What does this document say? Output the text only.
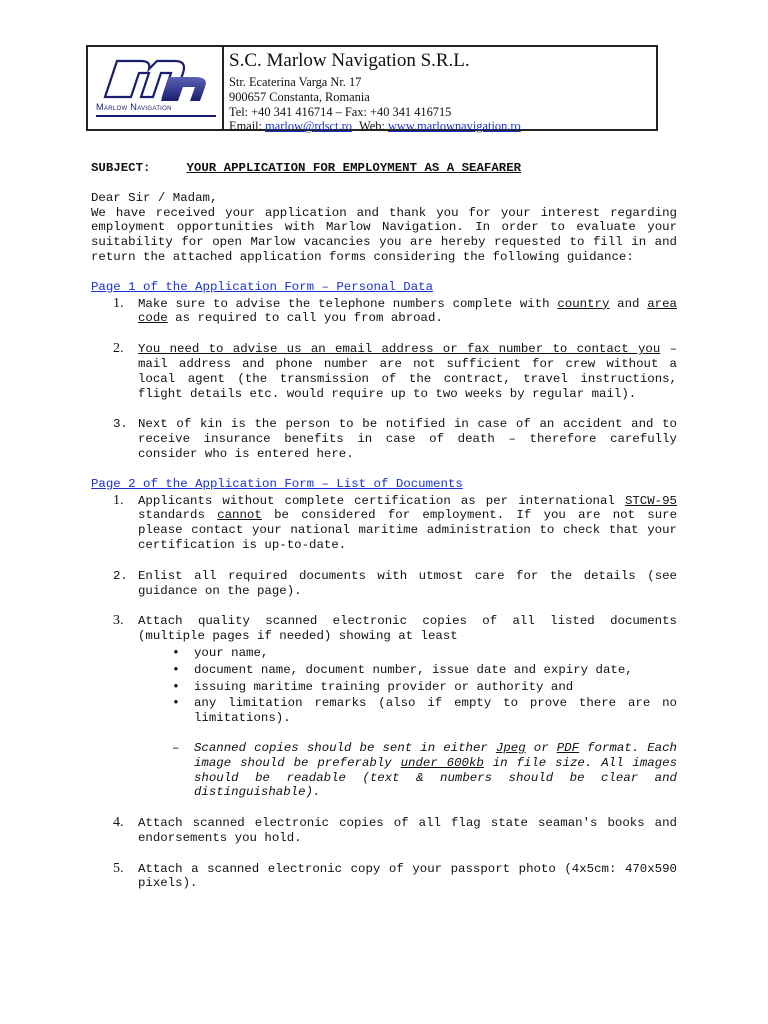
Marlow Navigation
S.C. Marlow Navigation S.R.L.
Str. Ecaterina Varga Nr. 17
900657 Constanta, Romania
Tel: +40 341 416714 – Fax: +40 341 416715
Email: marlow@rdsct.ro Web: www.marlownavigation.ro

SUBJECT:	YOUR APPLICATION FOR EMPLOYMENT AS A SEAFARER

Dear Sir / Madam,

We have received your application and thank you for your interest regarding employment opportunities with Marlow Navigation. In order to evaluate your suitability for open Marlow vacancies you are hereby requested to fill in and return the attached application forms considering the following guidance:

Page 1 of the Application Form – Personal Data

1. Make sure to advise the telephone numbers complete with country and area code as required to call you from abroad.
2. You need to advise us an email address or fax number to contact you – mail address and phone number are not sufficient for crew without a local agent (the transmission of the contract, travel instructions, flight details etc. would require up to two weeks by regular mail).
3. Next of kin is the person to be notified in case of an accident and to receive insurance benefits in case of death – therefore carefully consider who is entered here.

Page 2 of the Application Form – List of Documents

1. Applicants without complete certification as per international STCW-95 standards cannot be considered for employment. If you are not sure please contact your national maritime administration to check that your certification is up-to-date.
2. Enlist all required documents with utmost care for the details (see guidance on the page).
3. Attach quality scanned electronic copies of all listed documents (multiple pages if needed) showing at least
• your name,
• document name, document number, issue date and expiry date,
• issuing maritime training provider or authority and
• any limitation remarks (also if empty to prove there are no limitations).

– Scanned copies should be sent in either Jpeg or PDF format. Each image should be preferably under 600kb in file size. All images should be readable (text & numbers should be clear and distinguishable).

4. Attach scanned electronic copies of all flag state seaman's books and endorsements you hold.
5. Attach a scanned electronic copy of your passport photo (4x5cm: 470x590 pixels).
